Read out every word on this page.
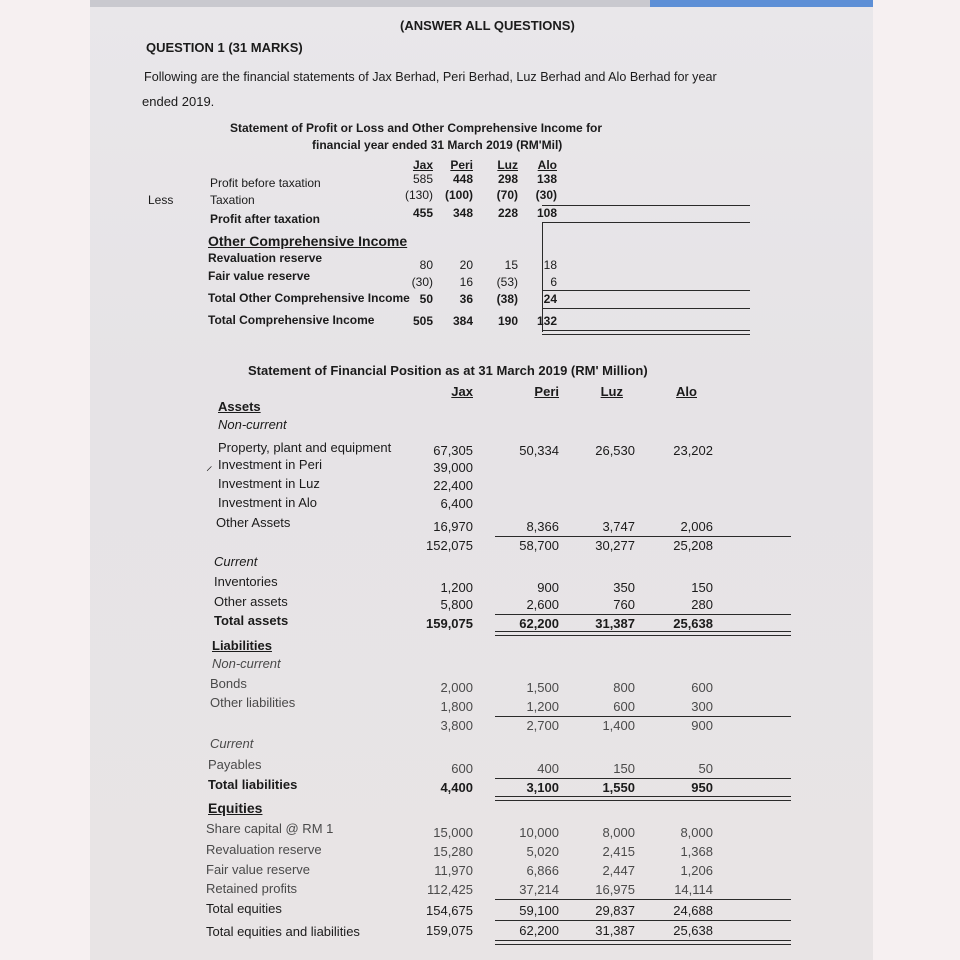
(ANSWER ALL QUESTIONS)
QUESTION 1 (31 MARKS)
Following are the financial statements of Jax Berhad, Peri Berhad, Luz Berhad and Alo Berhad for year
ended 2019.
Statement of Profit or Loss and Other Comprehensive Income for
financial year ended 31 March 2019 (RM'Mil)
Jax Peri Luz Alo
Profit before taxation	585 448 298 138
Less	Taxation	(130) (100) (70) (30)
Profit after taxation	455 348 228 108
Other Comprehensive Income
Revaluation reserve	80 20	15 18
Fair value reserve	(30) 16 (53)	6
Total Other Comprehensive Income 50 36 (38) 24
Total Comprehensive Income	505 384 190 132
Statement of Financial Position as at 31 March 2019 (RM' Million)
Jax	Peri	Luz	Alo
Assets
Non-current
Property, plant and equipment	67,305	50,334	26,530	23,202
⸝ Investment in Peri	39,000
Investment in Luz	22,400
Investment in Alo	6,400
Other Assets	16,970	8,366	3,747	2,006
152,075	58,700	30,277	25,208
Current
Inventories	1,200	900	350	150
Other assets	5,800	2,600	760	280
Total assets	159,075	62,200	31,387	25,638
Liabilities
Non-current
Bonds	2,000	1,500	800	600
Other liabilities	1,800	1,200	600	300
3,800	2,700	1,400	900
Current
Payables	600	400	150	50
Total liabilities	4,400	3,100	1,550	950
Equities
Share capital @ RM 1	15,000	10,000	8,000	8,000
Revaluation reserve	15,280	5,020	2,415	1,368
Fair value reserve	11,970	6,866	2,447	1,206
Retained profits	112,425	37,214	16,975	14,114
Total equities	154,675	59,100	29,837	24,688
Total equities and liabilities	159,075	62,200	31,387	25,638
